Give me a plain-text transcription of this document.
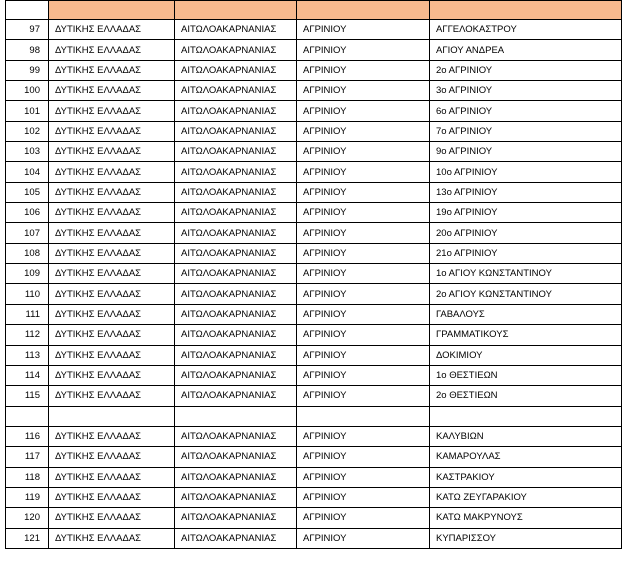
97	ΔΥΤΙΚΗΣ ΕΛΛΑΔΑΣ	ΑΙΤΩΛΟΑΚΑΡΝΑΝΙΑΣ	ΑΓΡΙΝΙΟΥ	ΑΓΓΕΛΟΚΑΣΤΡΟΥ
98	ΔΥΤΙΚΗΣ ΕΛΛΑΔΑΣ	ΑΙΤΩΛΟΑΚΑΡΝΑΝΙΑΣ	ΑΓΡΙΝΙΟΥ	ΑΓΙΟΥ ΑΝΔΡΕΑ
99	ΔΥΤΙΚΗΣ ΕΛΛΑΔΑΣ	ΑΙΤΩΛΟΑΚΑΡΝΑΝΙΑΣ	ΑΓΡΙΝΙΟΥ	2ο ΑΓΡΙΝΙΟΥ
100	ΔΥΤΙΚΗΣ ΕΛΛΑΔΑΣ	ΑΙΤΩΛΟΑΚΑΡΝΑΝΙΑΣ	ΑΓΡΙΝΙΟΥ	3ο ΑΓΡΙΝΙΟΥ
101	ΔΥΤΙΚΗΣ ΕΛΛΑΔΑΣ	ΑΙΤΩΛΟΑΚΑΡΝΑΝΙΑΣ	ΑΓΡΙΝΙΟΥ	6ο ΑΓΡΙΝΙΟΥ
102	ΔΥΤΙΚΗΣ ΕΛΛΑΔΑΣ	ΑΙΤΩΛΟΑΚΑΡΝΑΝΙΑΣ	ΑΓΡΙΝΙΟΥ	7ο ΑΓΡΙΝΙΟΥ
103	ΔΥΤΙΚΗΣ ΕΛΛΑΔΑΣ	ΑΙΤΩΛΟΑΚΑΡΝΑΝΙΑΣ	ΑΓΡΙΝΙΟΥ	9ο ΑΓΡΙΝΙΟΥ
104	ΔΥΤΙΚΗΣ ΕΛΛΑΔΑΣ	ΑΙΤΩΛΟΑΚΑΡΝΑΝΙΑΣ	ΑΓΡΙΝΙΟΥ	10ο ΑΓΡΙΝΙΟΥ
105	ΔΥΤΙΚΗΣ ΕΛΛΑΔΑΣ	ΑΙΤΩΛΟΑΚΑΡΝΑΝΙΑΣ	ΑΓΡΙΝΙΟΥ	13ο ΑΓΡΙΝΙΟΥ
106	ΔΥΤΙΚΗΣ ΕΛΛΑΔΑΣ	ΑΙΤΩΛΟΑΚΑΡΝΑΝΙΑΣ	ΑΓΡΙΝΙΟΥ	19ο ΑΓΡΙΝΙΟΥ
107	ΔΥΤΙΚΗΣ ΕΛΛΑΔΑΣ	ΑΙΤΩΛΟΑΚΑΡΝΑΝΙΑΣ	ΑΓΡΙΝΙΟΥ	20ο ΑΓΡΙΝΙΟΥ
108	ΔΥΤΙΚΗΣ ΕΛΛΑΔΑΣ	ΑΙΤΩΛΟΑΚΑΡΝΑΝΙΑΣ	ΑΓΡΙΝΙΟΥ	21ο ΑΓΡΙΝΙΟΥ
109	ΔΥΤΙΚΗΣ ΕΛΛΑΔΑΣ	ΑΙΤΩΛΟΑΚΑΡΝΑΝΙΑΣ	ΑΓΡΙΝΙΟΥ	1ο ΑΓΙΟΥ ΚΩΝΣΤΑΝΤΙΝΟΥ
110	ΔΥΤΙΚΗΣ ΕΛΛΑΔΑΣ	ΑΙΤΩΛΟΑΚΑΡΝΑΝΙΑΣ	ΑΓΡΙΝΙΟΥ	2ο ΑΓΙΟΥ ΚΩΝΣΤΑΝΤΙΝΟΥ
111	ΔΥΤΙΚΗΣ ΕΛΛΑΔΑΣ	ΑΙΤΩΛΟΑΚΑΡΝΑΝΙΑΣ	ΑΓΡΙΝΙΟΥ	ΓΑΒΑΛΟΥΣ
112	ΔΥΤΙΚΗΣ ΕΛΛΑΔΑΣ	ΑΙΤΩΛΟΑΚΑΡΝΑΝΙΑΣ	ΑΓΡΙΝΙΟΥ	ΓΡΑΜΜΑΤΙΚΟΥΣ
113	ΔΥΤΙΚΗΣ ΕΛΛΑΔΑΣ	ΑΙΤΩΛΟΑΚΑΡΝΑΝΙΑΣ	ΑΓΡΙΝΙΟΥ	ΔΟΚΙΜΙΟΥ
114	ΔΥΤΙΚΗΣ ΕΛΛΑΔΑΣ	ΑΙΤΩΛΟΑΚΑΡΝΑΝΙΑΣ	ΑΓΡΙΝΙΟΥ	1ο ΘΕΣΤΙΕΩΝ
115	ΔΥΤΙΚΗΣ ΕΛΛΑΔΑΣ	ΑΙΤΩΛΟΑΚΑΡΝΑΝΙΑΣ	ΑΓΡΙΝΙΟΥ	2ο ΘΕΣΤΙΕΩΝ

116	ΔΥΤΙΚΗΣ ΕΛΛΑΔΑΣ	ΑΙΤΩΛΟΑΚΑΡΝΑΝΙΑΣ	ΑΓΡΙΝΙΟΥ	ΚΑΛΥΒΙΩΝ
117	ΔΥΤΙΚΗΣ ΕΛΛΑΔΑΣ	ΑΙΤΩΛΟΑΚΑΡΝΑΝΙΑΣ	ΑΓΡΙΝΙΟΥ	ΚΑΜΑΡΟΥΛΑΣ
118	ΔΥΤΙΚΗΣ ΕΛΛΑΔΑΣ	ΑΙΤΩΛΟΑΚΑΡΝΑΝΙΑΣ	ΑΓΡΙΝΙΟΥ	ΚΑΣΤΡΑΚΙΟΥ
119	ΔΥΤΙΚΗΣ ΕΛΛΑΔΑΣ	ΑΙΤΩΛΟΑΚΑΡΝΑΝΙΑΣ	ΑΓΡΙΝΙΟΥ	ΚΑΤΩ ΖΕΥΓΑΡΑΚΙΟΥ
120	ΔΥΤΙΚΗΣ ΕΛΛΑΔΑΣ	ΑΙΤΩΛΟΑΚΑΡΝΑΝΙΑΣ	ΑΓΡΙΝΙΟΥ	ΚΑΤΩ ΜΑΚΡΥΝΟΥΣ
121	ΔΥΤΙΚΗΣ ΕΛΛΑΔΑΣ	ΑΙΤΩΛΟΑΚΑΡΝΑΝΙΑΣ	ΑΓΡΙΝΙΟΥ	ΚΥΠΑΡΙΣΣΟΥ
